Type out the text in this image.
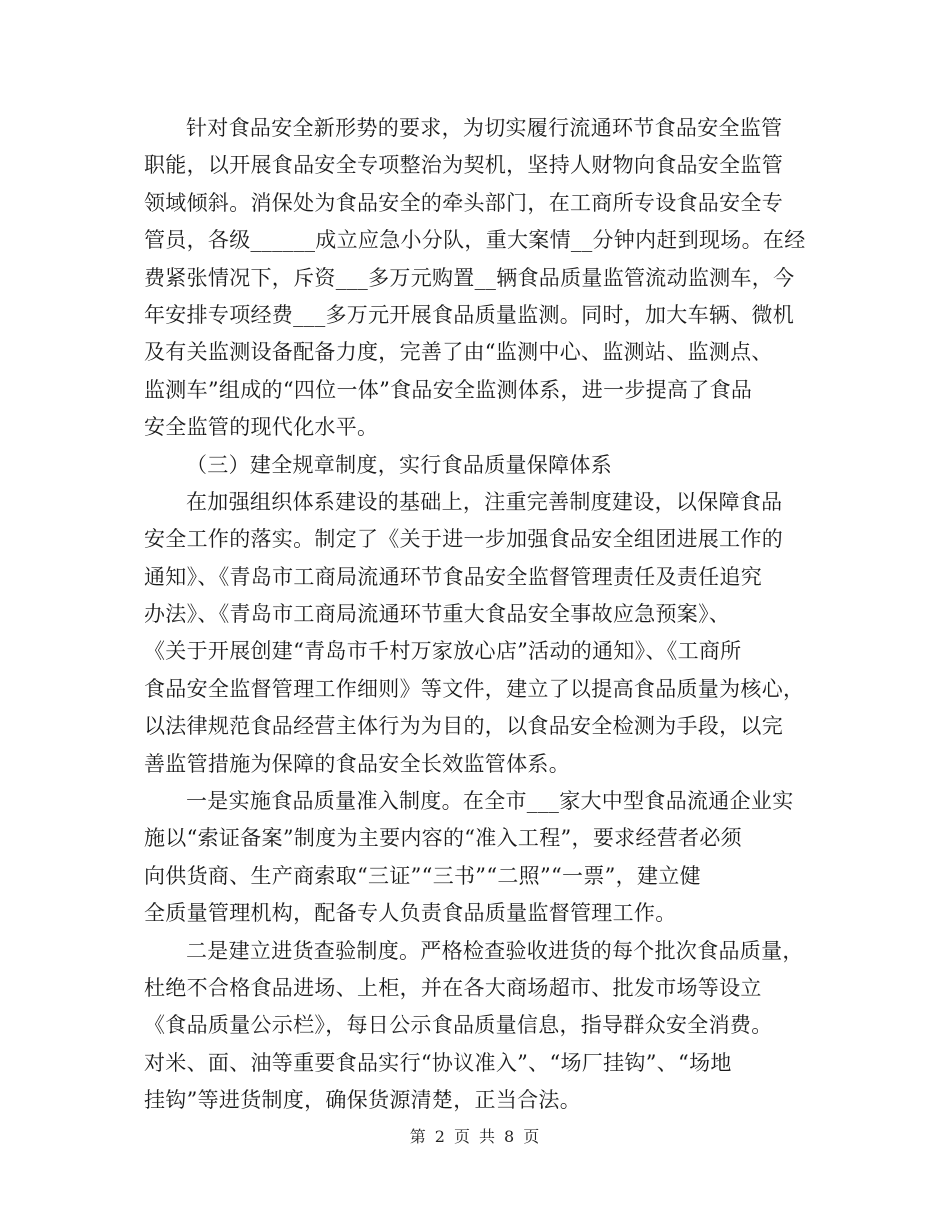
针对食品安全新形势的要求，为切实履行流通环节食品安全监管
职能，以开展食品安全专项整治为契机，坚持人财物向食品安全监管
领域倾斜。消保处为食品安全的牵头部门，在工商所专设食品安全专
管员，各级______成立应急小分队，重大案情__分钟内赶到现场。在经
费紧张情况下，斥资___多万元购置__辆食品质量监管流动监测车，今
年安排专项经费___多万元开展食品质量监测。同时，加大车辆、微机
及有关监测设备配备力度，完善了由“监测中心、监测站、监测点、
监测车”组成的“四位一体”食品安全监测体系，进一步提高了食品
安全监管的现代化水平。
（三）建全规章制度，实行食品质量保障体系
在加强组织体系建设的基础上，注重完善制度建设，以保障食品
安全工作的落实。制定了《关于进一步加强食品安全组团进展工作的
通知》、《青岛市工商局流通环节食品安全监督管理责任及责任追究
办法》、《青岛市工商局流通环节重大食品安全事故应急预案》、
《关于开展创建“青岛市千村万家放心店”活动的通知》、《工商所
食品安全监督管理工作细则》等文件，建立了以提高食品质量为核心，
以法律规范食品经营主体行为为目的，以食品安全检测为手段，以完
善监管措施为保障的食品安全长效监管体系。
一是实施食品质量准入制度。在全市___家大中型食品流通企业实
施以“索证备案”制度为主要内容的“准入工程”，要求经营者必须
向供货商、生产商索取“三证”“三书”“二照”“一票”，建立健
全质量管理机构，配备专人负责食品质量监督管理工作。
二是建立进货查验制度。严格检查验收进货的每个批次食品质量，
杜绝不合格食品进场、上柜，并在各大商场超市、批发市场等设立
《食品质量公示栏》，每日公示食品质量信息，指导群众安全消费。
对米、面、油等重要食品实行“协议准入”、“场厂挂钩”、“场地
挂钩”等进货制度，确保货源清楚，正当合法。
第 2 页 共 8 页
